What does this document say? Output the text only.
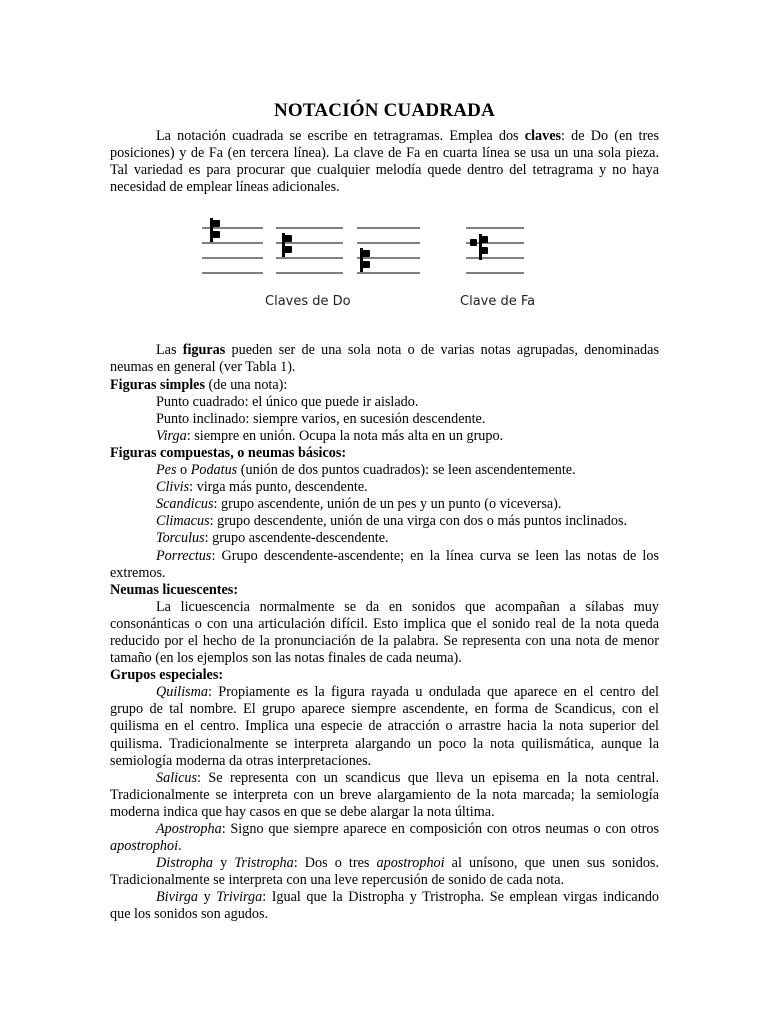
NOTACIÓN CUADRADA

La notación cuadrada se escribe en tetragramas. Emplea dos claves: de Do (en tres posiciones) y de Fa (en tercera línea). La clave de Fa en cuarta línea se usa un una sola pieza. Tal variedad es para procurar que cualquier melodía quede dentro del tetragrama y no haya necesidad de emplear líneas adicionales.

Claves de Do	Clave de Fa

Las figuras pueden ser de una sola nota o de varias notas agrupadas, denominadas neumas en general (ver Tabla 1).

Figuras simples (de una nota):

Punto cuadrado: el único que puede ir aislado.

Punto inclinado: siempre varios, en sucesión descendente.

Virga: siempre en unión. Ocupa la nota más alta en un grupo.

Figuras compuestas, o neumas básicos:

Pes o Podatus (unión de dos puntos cuadrados): se leen ascendentemente.

Clivis: virga más punto, descendente.

Scandicus: grupo ascendente, unión de un pes y un punto (o viceversa).

Climacus: grupo descendente, unión de una virga con dos o más puntos inclinados.

Torculus: grupo ascendente-descendente.

Porrectus: Grupo descendente-ascendente; en la línea curva se leen las notas de los extremos.

Neumas licuescentes:

La licuescencia normalmente se da en sonidos que acompañan a sílabas muy consonánticas o con una articulación difícil. Esto implica que el sonido real de la nota queda reducido por el hecho de la pronunciación de la palabra. Se representa con una nota de menor tamaño (en los ejemplos son las notas finales de cada neuma).

Grupos especiales:

Quilisma: Propiamente es la figura rayada u ondulada que aparece en el centro del grupo de tal nombre. El grupo aparece siempre ascendente, en forma de Scandicus, con el quilisma en el centro. Implica una especie de atracción o arrastre hacia la nota superior del quilisma. Tradicionalmente se interpreta alargando un poco la nota quilismática, aunque la semiología moderna da otras interpretaciones.

Salicus: Se representa con un scandicus que lleva un episema en la nota central. Tradicionalmente se interpreta con un breve alargamiento de la nota marcada; la semiología moderna indica que hay casos en que se debe alargar la nota última.

Apostropha: Signo que siempre aparece en composición con otros neumas o con otros apostrophoi.

Distropha y Tristropha: Dos o tres apostrophoi al unísono, que unen sus sonidos. Tradicionalmente se interpreta con una leve repercusión de sonido de cada nota.

Bivirga y Trivirga: Igual que la Distropha y Tristropha. Se emplean virgas indicando que los sonidos son agudos.
